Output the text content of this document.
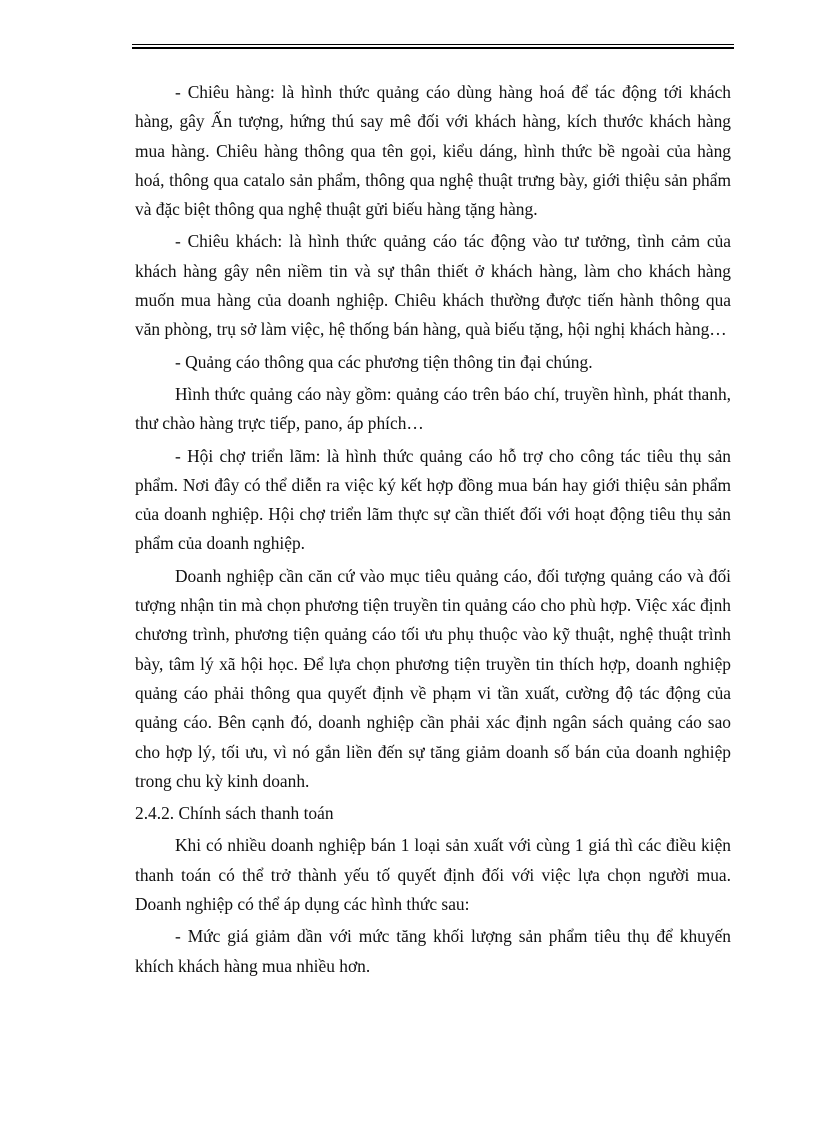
- Chiêu hàng: là hình thức quảng cáo dùng hàng hoá để tác động tới khách hàng, gây Ấn tượng, hứng thú say mê đối với khách hàng, kích thước khách hàng mua hàng. Chiêu hàng thông qua tên gọi, kiểu dáng, hình thức bề ngoài của hàng hoá, thông qua catalo sản phẩm, thông qua nghệ thuật trưng bày, giới thiệu sản phẩm và đặc biệt thông qua nghệ thuật gửi biếu hàng tặng hàng.

- Chiêu khách: là hình thức quảng cáo tác động vào tư tưởng, tình cảm của khách hàng gây nên niềm tin và sự thân thiết ở khách hàng, làm cho khách hàng muốn mua hàng của doanh nghiệp. Chiêu khách thường được tiến hành thông qua văn phòng, trụ sở làm việc, hệ thống bán hàng, quà biếu tặng, hội nghị khách hàng…

- Quảng cáo thông qua các phương tiện thông tin đại chúng.

Hình thức quảng cáo này gồm: quảng cáo trên báo chí, truyền hình, phát thanh, thư chào hàng trực tiếp, pano, áp phích…

- Hội chợ triển lãm: là hình thức quảng cáo hỗ trợ cho công tác tiêu thụ sản phẩm. Nơi đây có thể diễn ra việc ký kết hợp đồng mua bán hay giới thiệu sản phẩm của doanh nghiệp. Hội chợ triển lãm thực sự cần thiết đối với hoạt động tiêu thụ sản phẩm của doanh nghiệp.

Doanh nghiệp cần căn cứ vào mục tiêu quảng cáo, đối tượng quảng cáo và đối tượng nhận tin mà chọn phương tiện truyền tin quảng cáo cho phù hợp. Việc xác định chương trình, phương tiện quảng cáo tối ưu phụ thuộc vào kỹ thuật, nghệ thuật trình bày, tâm lý xã hội học. Để lựa chọn phương tiện truyền tin thích hợp, doanh nghiệp quảng cáo phải thông qua quyết định về phạm vi tần xuất, cường độ tác động của quảng cáo. Bên cạnh đó, doanh nghiệp cần phải xác định ngân sách quảng cáo sao cho hợp lý, tối ưu, vì nó gắn liền đến sự tăng giảm doanh số bán của doanh nghiệp trong chu kỳ kinh doanh.

2.4.2. Chính sách thanh toán

Khi có nhiều doanh nghiệp bán 1 loại sản xuất với cùng 1 giá thì các điều kiện thanh toán có thể trở thành yếu tố quyết định đối với việc lựa chọn người mua. Doanh nghiệp có thể áp dụng các hình thức sau:

- Mức giá giảm dần với mức tăng khối lượng sản phẩm tiêu thụ để khuyến khích khách hàng mua nhiều hơn.
